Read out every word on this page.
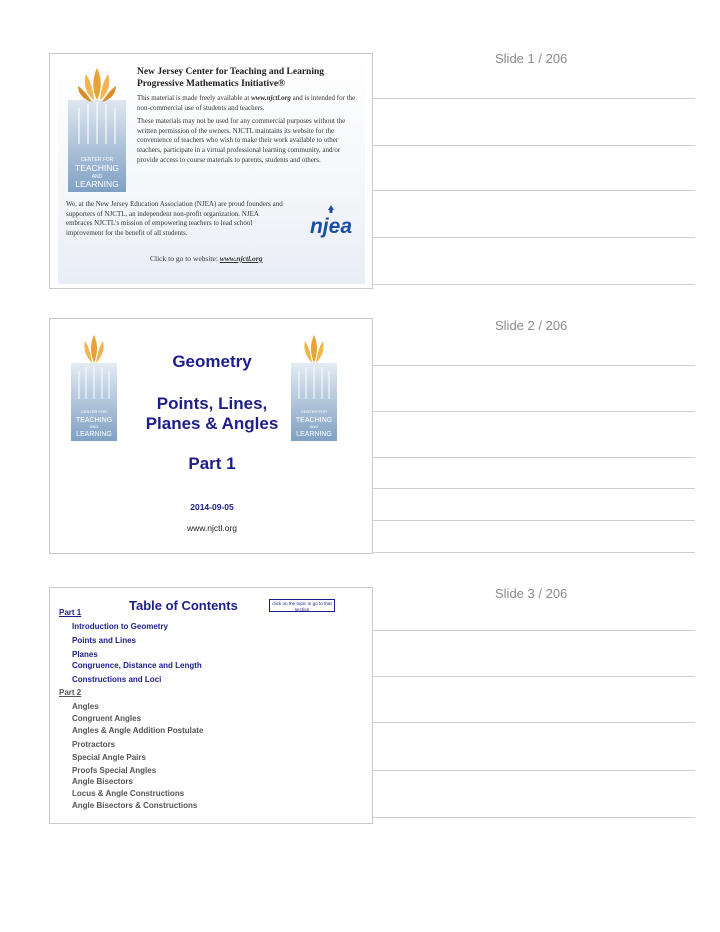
Slide 1 / 206
CENTER FOR
TEACHING
AND
LEARNING
New Jersey Center for Teaching and Learning
Progressive Mathematics Initiative®
This material is made freely available at www.njctl.org and is intended for the non-commercial use of students and teachers.
These materials may not be used for any commercial purposes without the written permission of the owners. NJCTL maintains its website for the convenience of teachers who wish to make their work available to other teachers, participate in a virtual professional learning community, and/or provide access to course materials to parents, students and others.
We, at the New Jersey Education Association (NJEA) are proud founders and supporters of NJCTL, an independent non-profit organization. NJEA embraces NJCTL's mission of empowering teachers to lead school improvement for the benefit of all students.	njea
Click to go to website: www.njctl.org
Slide 2 / 206
CENTER FOR
TEACHING
AND
LEARNING
CENTER FOR
TEACHING
AND
LEARNING
Geometry
Points, Lines,
Planes & Angles
Part 1
2014-09-05
www.njctl.org
Slide 3 / 206
Table of Contents	click on the topic to go to that section
Part 1
Introduction to Geometry
Points and Lines
Planes
Congruence, Distance and Length
Constructions and Loci
Part 2
Angles
Congruent Angles
Angles & Angle Addition Postulate
Protractors
Special Angle Pairs
Proofs Special Angles
Angle Bisectors
Locus & Angle Constructions
Angle Bisectors & Constructions
